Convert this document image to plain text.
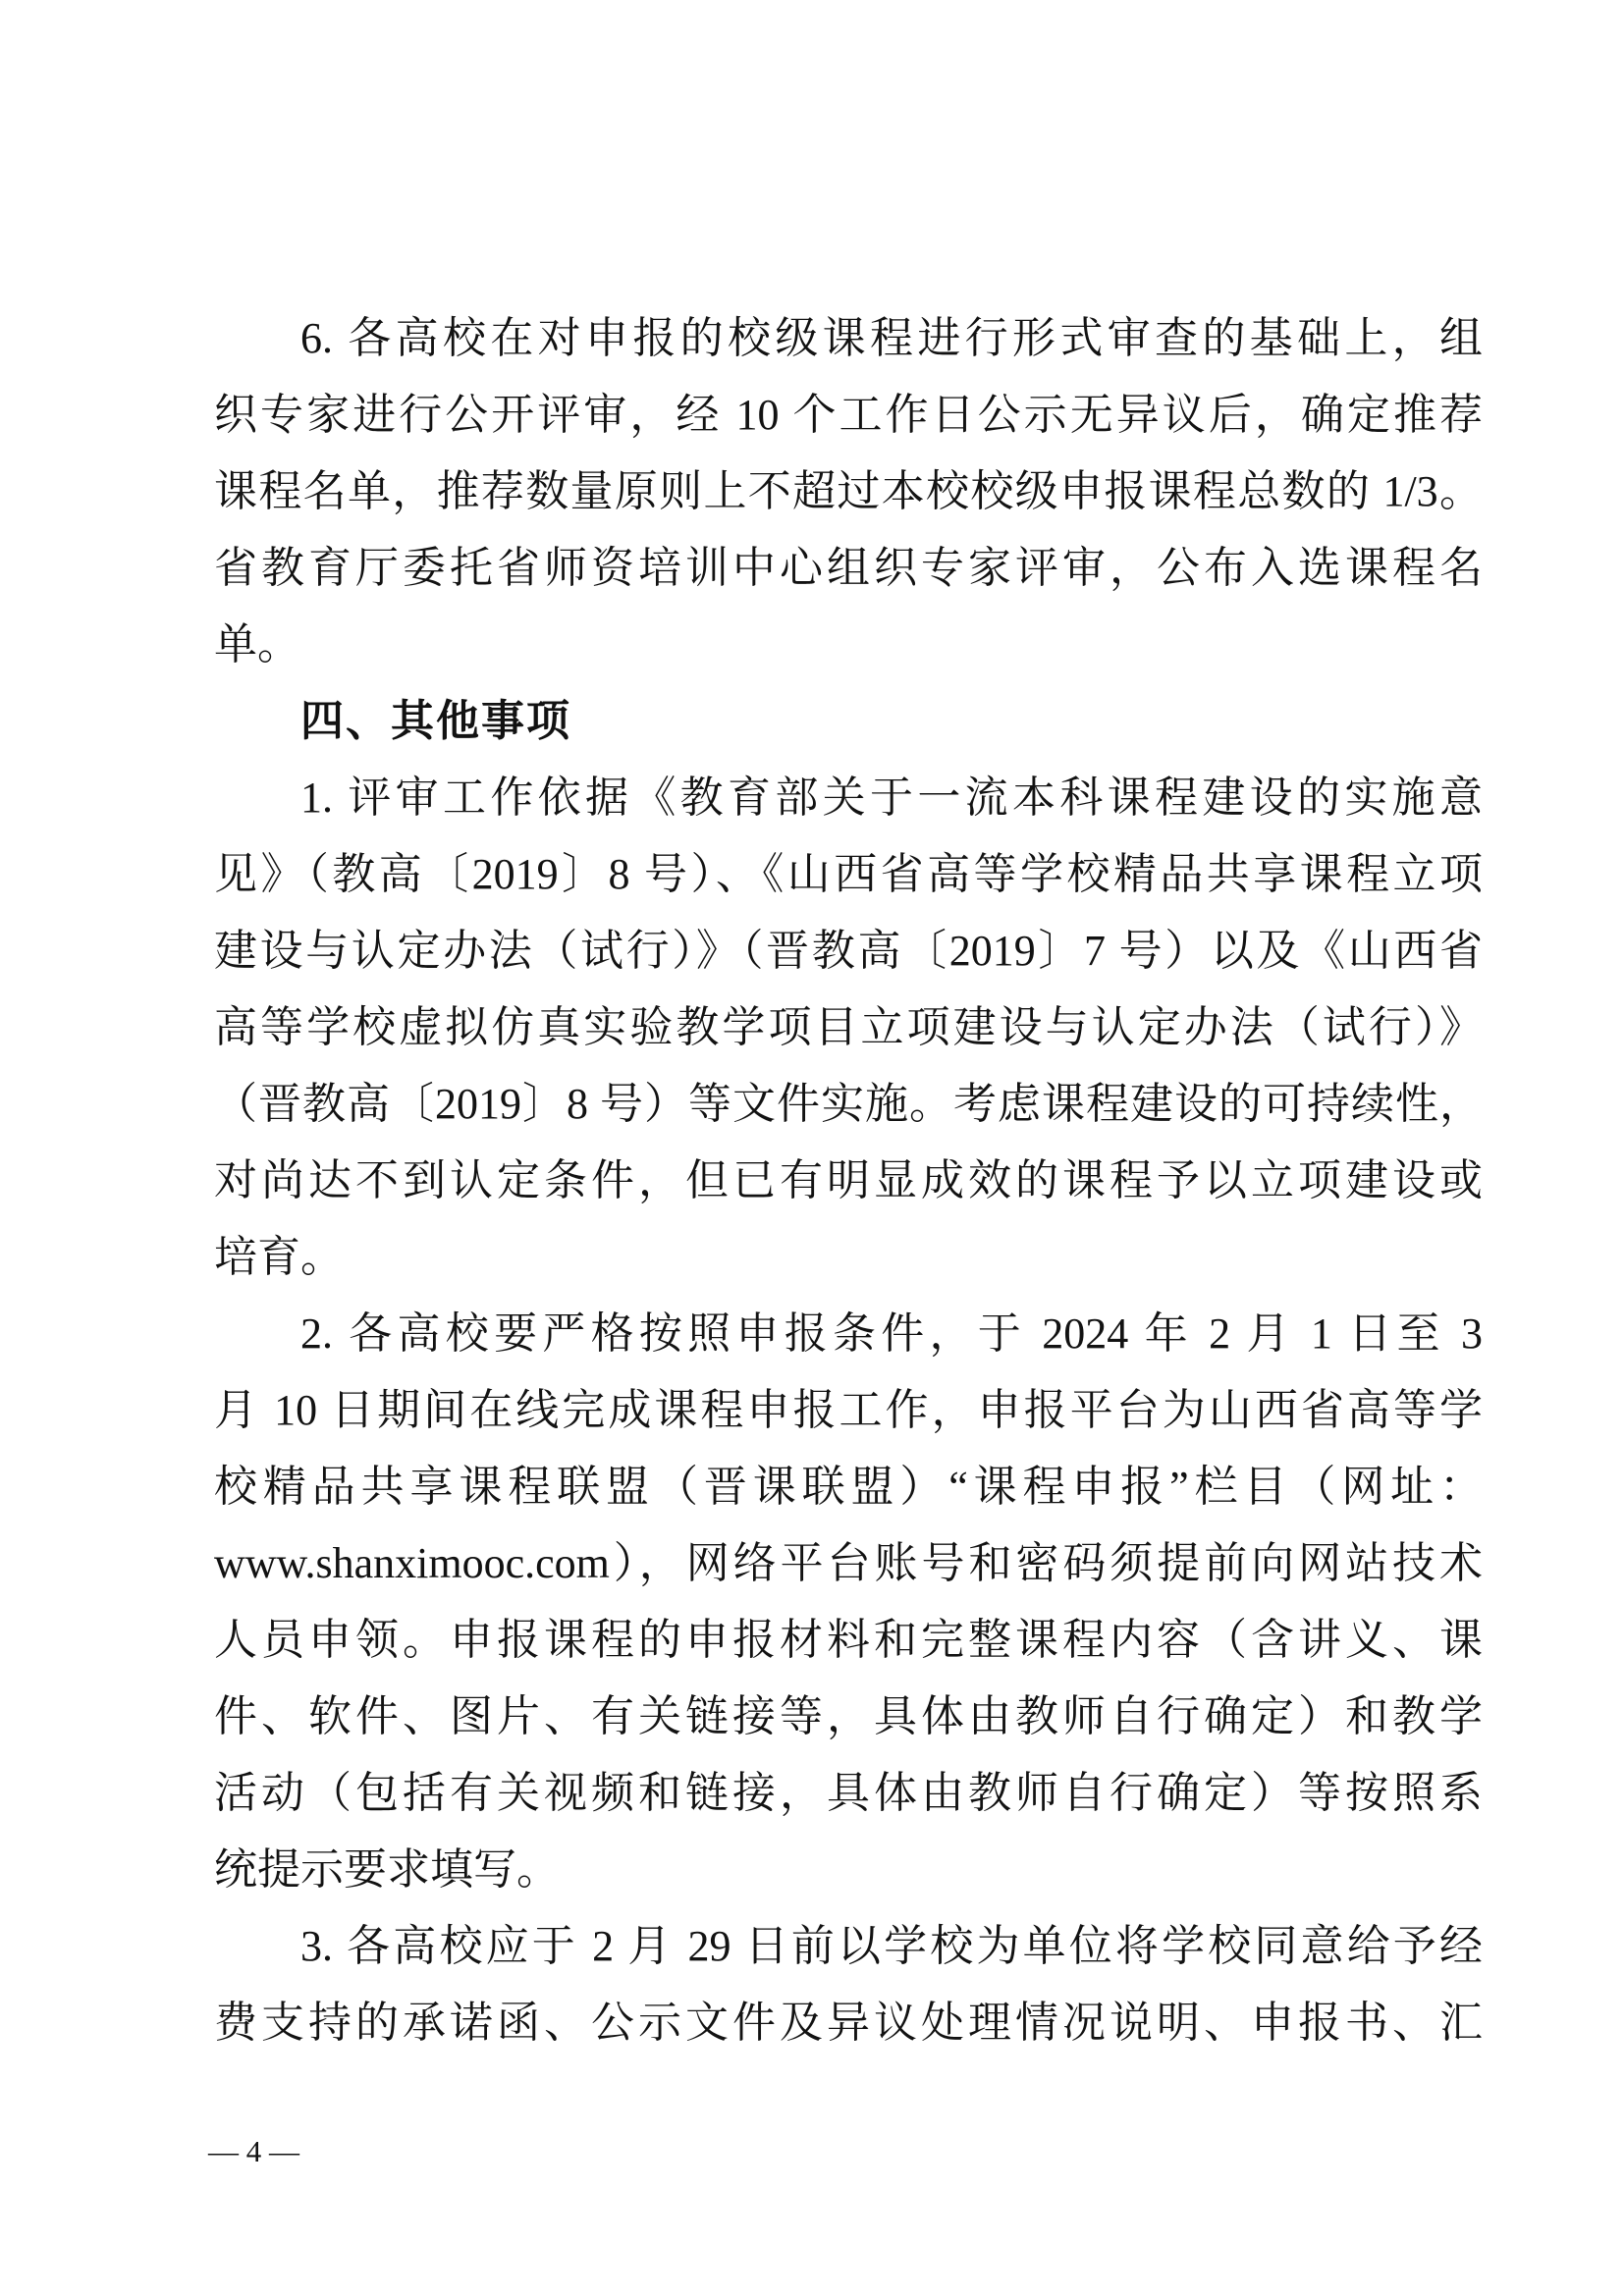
6. 各高校在对申报的校级课程进行形式审查的基础上，组
织专家进行公开评审，经 10 个工作日公示无异议后，确定推荐
课程名单，推荐数量原则上不超过本校校级申报课程总数的 1/3。
省教育厅委托省师资培训中心组织专家评审，公布入选课程名
单。
四、其他事项
1. 评审工作依据《教育部关于一流本科课程建设的实施意
见》（教高〔2019〕8 号）、《山西省高等学校精品共享课程立项
建设与认定办法（试行）》（晋教高〔2019〕7 号）以及《山西省
高等学校虚拟仿真实验教学项目立项建设与认定办法（试行）》
（晋教高〔2019〕8 号）等文件实施。考虑课程建设的可持续性，
对尚达不到认定条件，但已有明显成效的课程予以立项建设或
培育。
2. 各高校要严格按照申报条件，于 2024 年 2 月 1 日至 3
月 10 日期间在线完成课程申报工作，申报平台为山西省高等学
校精品共享课程联盟（晋课联盟）“课程申报”栏目（网址：
www.shanximooc.com），网络平台账号和密码须提前向网站技术
人员申领。申报课程的申报材料和完整课程内容（含讲义、课
件、软件、图片、有关链接等，具体由教师自行确定）和教学
活动（包括有关视频和链接，具体由教师自行确定）等按照系
统提示要求填写。
3. 各高校应于 2 月 29 日前以学校为单位将学校同意给予经
费支持的承诺函、公示文件及异议处理情况说明、申报书、汇
— 4 —
